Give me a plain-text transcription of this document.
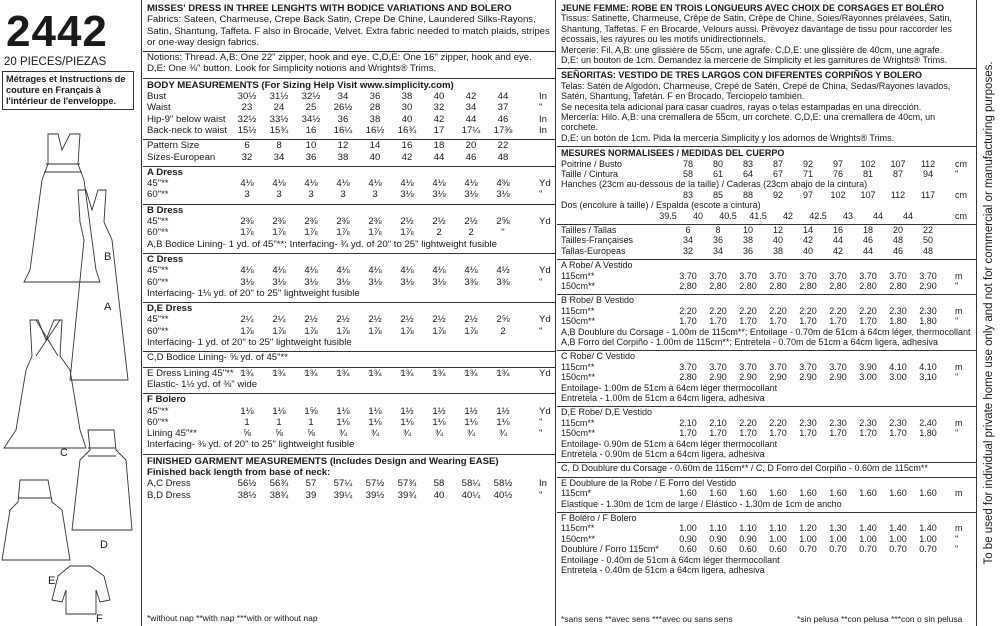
2442
20 PIECES/PIEZAS
Métrages et Instructions de couture en Français à l'intérieur de l'enveloppe.
B
A
C
D
E
F
MISSES' DRESS IN THREE LENGHTS WITH BODICE VARIATIONS AND BOLERO
Fabrics: Sateen, Charmeuse, Crepe Back Satin, Crepe De Chine, Laundered Silks-Rayons, Satin, Shantung, Taffeta. F also in Brocade, Velvet. Extra fabric needed to match plaids, stripes or one-way design fabrics.
Notions: Thread. A,B: One 22" zipper, hook and eye. C,D,E: One 16" zipper, hook and eye.
D,E: One ⅜" button. Look for Simplicity notions and Wrights® Trims.
BODY MEASUREMENTS (For Sizing Help Visit www.simplicity.com)
Bust	30½	31½	32½	34	36	38	40	42	44	In
Waist	23	24	25	26½	28	30	32	34	37	"
Hip-9" below waist	32½	33½	34½	36	38	40	42	44	46	In
Back-neck to waist	15½	15¾	16	16¼	16½	16¾	17	17¼	17⅜	In
Pattern Size	6	8	10	12	14	16	18	20	22
Sizes-European	32	34	36	38	40	42	44	46	48
A Dress
45"**	4⅛	4⅛	4⅛	4⅛	4⅛	4⅛	4⅛	4⅛	4⅜	Yd
60"**	3	3	3	3	3	3⅛	3⅛	3⅛	3⅛	"
B Dress
45"**	2⅜	2⅜	2⅜	2⅜	2⅜	2½	2½	2½	2⅝	Yd
60"**	1⅞	1⅞	1⅞	1⅞	1⅞	1⅞	2	2	"
A,B Bodice Lining- 1 yd. of 45"**; Interfacing- ¾ yd. of 20" to 25" lightweight fusible
C Dress
45"**	4⅛	4⅛	4⅛	4⅛	4⅛	4⅛	4⅛	4⅛	4½	Yd
60"**	3⅛	3⅛	3⅛	3⅛	3⅛	3⅛	3⅛	3⅜	3⅜	"
Interfacing- 1⅛ yd. of 20" to 25" lightweight fusible
D,E Dress
45"**	2¼	2¼	2½	2½	2½	2½	2½	2½	2⅝	Yd
60"**	1⅞	1⅞	1⅞	1⅞	1⅞	1⅞	1⅞	1⅞	2	"
Interfacing- 1 yd. of 20" to 25" lightweight fusible
C,D Bodice Lining- ⅝ yd. of 45"**
E Dress Lining 45"** 1¾	1¾	1¾	1¾	1¾	1¾	1¾	1¾	1¾	Yd
Elastic- 1½ yd. of ⅜" wide
F Bolero
45"**	1⅛	1⅛	1⅝	1⅛	1⅛	1½	1½	1½	1½	Yd
60"**	1	1	1	1⅛	1⅛	1⅛	1⅛	1⅛	1⅛	"
Lining 45"**	⅝	⅝	⅝	¾	¾	¾	¾	¾	¾	"
Interfacing- ⅜ yd. of 20" to 25" lightweight fusible
FINISHED GARMENT MEASUREMENTS (Includes Design and Wearing EASE)
Finished back length from base of neck:
A,C Dress	56½	56¾	57	57¼	57½	57¾	58	58¼	58½	In
B,D Dress	38½	38¾	39	39¼	39½	39¾	40	40¼	40½	"
*without nap **with nap ***with or without nap
JEUNE FEMME: ROBE EN TROIS LONGUEURS AVEC CHOIX DE CORSAGES ET BOLÉRO
Tissus: Satinette, Charmeuse, Crêpe de Satin, Crêpe de Chine, Soies/Rayonnes prélavées, Satin, Shantung, Taffetas. F en Brocarde, Velours aussi. Prévoyez davantage de tissu pour raccorder les écossais, les rayures ou les motifs unidirectionnels.
Mercerie: Fil. A,B: une glissière de 55cm, une agrafe. C,D,E: une glissière de 40cm, une agrafe.
D,E: un bouton de 1cm. Demandez la mercerie de Simplicity et les garnitures de Wrights® Trims.
SEÑORITAS: VESTIDO DE TRES LARGOS CON DIFERENTES CORPIÑOS Y BOLERO
Telas: Satén de Algodón, Charmeuse, Crepé de Satén, Crepé de China, Sedas/Rayones lavados, Satén, Shantung, Tafetán. F en Brocado, Terciopelo también.
Se necesita tela adicional para casar cuadros, rayas o telas estampadas en una dirección.
Mercería: Hilo. A,B: una cremallera de 55cm, un corchete. C,D,E: una cremallera de 40cm, un corchete.
D,E: un botón de 1cm. Pida la mercería Simplicity y los adornos de Wrights® Trims.
MESURES NORMALISEES / MEDIDAS DEL CUERPO
Poitrine / Busto	78	80	83	87	92	97	102	107	112	cm
Taille / Cintura	58	61	64	67	71	76	81	87	94	"
Hanches (23cm au-dessous de la taille) / Caderas (23cm abajo de la cintura)
83	85	88	92	97	102	107	112	117	cm
Dos (encolure à taille) / Espalda (escote a cintura)
39.5	40	40.5	41.5	42	42.5	43	44	44	cm
Tailles / Tallas	6	8	10	12	14	16	18	20	22
Tailles-Françaises	34	36	38	40	42	44	46	48	50
Tallas-Europeas	32	34	36	38	40	42	44	46	48
A Robe/ A Vestido
115cm**	3.70	3.70	3.70	3.70	3.70	3.70	3.70	3.70	3.70	m
150cm**	2.80	2.80	2.80	2.80	2.80	2.80	2.80	2.80	2.90	"
B Robe/ B Vestido
115cm**	2.20	2.20	2.20	2.20	2.20	2.20	2.20	2.30	2.30	m
150cm**	1.70	1.70	1.70	1.70	1.70	1.70	1.70	1.80	1.80	"
A,B Doublure du Corsage - 1.00m de 115cm**; Entoilage - 0.70m de 51cm à 64cm léger, thermocollant
A,B Forro del Corpiño - 1.00m de 115cm**; Entretela - 0.70m de 51cm a 64cm ligera, adhesiva
C Robe/ C Vestido
115cm**	3.70	3.70	3.70	3.70	3.70	3.70	3.90	4.10	4.10	m
150cm**	2.80	2.90	2.90	2.90	2.90	2.90	3.00	3.00	3.10	"
Entoilage- 1.00m de 51cm à 64cm léger thermocollant
Entretela - 1.00m de 51cm a 64cm ligera, adhesiva
D,E Robe/ D,E Vestido
115cm**	2.10	2.10	2.20	2.20	2.30	2.30	2.30	2.30	2.40	m
150cm**	1.70	1.70	1.70	1.70	1.70	1.70	1.70	1.70	1.80	"
Entoilage- 0.90m de 51cm à 64cm léger thermocollant
Entretela - 0.90m de 51cm a 64cm ligera, adhesiva
C, D Doublure du Corsage - 0.60m de 115cm** / C, D Forro del Corpiño - 0.60m de 115cm**
E Doublure de la Robe / E Forro del Vestido
115cm*	1.60	1.60	1.60	1.60	1.60	1.60	1.60	1.60	1.60	m
Elastique - 1.30m de 1cm de large / Elástico - 1.30m de 1cm de ancho
F Boléro / F Bolero
115cm**	1.00	1.10	1.10	1.10	1.20	1.30	1.40	1.40	1.40	m
150cm**	0.90	0.90	0.90	1.00	1.00	1.00	1.00	1.00	1.00	"
Doublure / Forro 115cm*	0.60	0.60	0.60	0.60	0.70	0.70	0.70	0.70	0.70	"
Entoilage - 0.40m de 51cm à 64cm léger thermocollant
Entretela - 0.40m de 51cm a 64cm ligera, adhesiva
*sans sens **avec sens ***avec ou sans sens	*sin pelusa **con pelusa ***con o sin pelusa
To be used for individual private home use only and not for commercial or manufacturing purposes.
